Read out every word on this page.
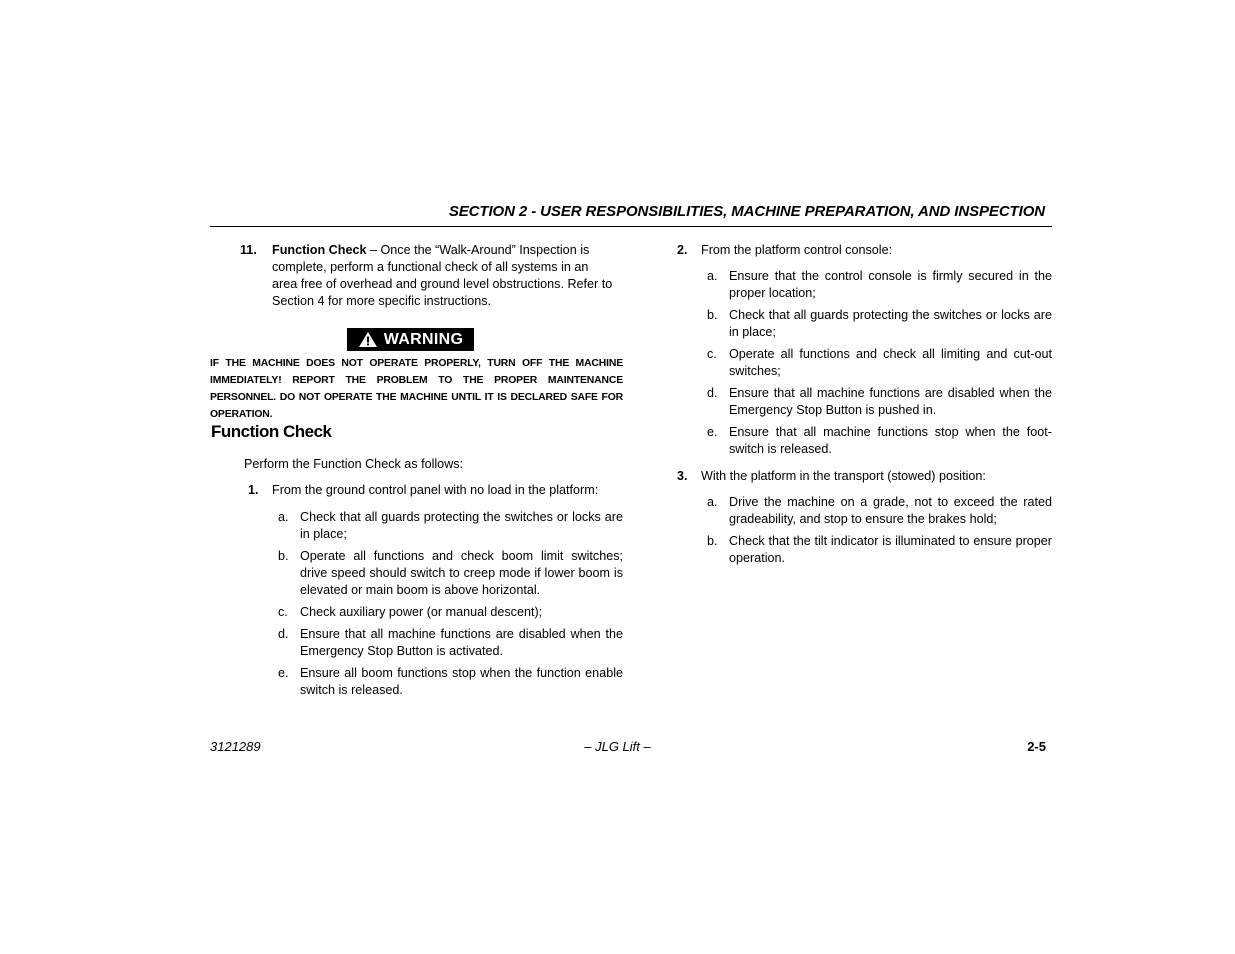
SECTION 2 - USER RESPONSIBILITIES, MACHINE PREPARATION, AND INSPECTION
11. Function Check – Once the “Walk-Around” Inspection is
complete, perform a functional check of all systems in an
area free of overhead and ground level obstructions. Refer to
Section 4 for more specific instructions.
WARNING
IF THE MACHINE DOES NOT OPERATE PROPERLY, TURN OFF THE MACHINE IMMEDIATELY! REPORT THE PROBLEM TO THE PROPER MAINTENANCE PERSONNEL. DO NOT OPERATE THE MACHINE UNTIL IT IS DECLARED SAFE FOR OPERATION.
Function Check
Perform the Function Check as follows:
1. From the ground control panel with no load in the platform:
a. Check that all guards protecting the switches or locks are in place;
b. Operate all functions and check boom limit switches; drive speed should switch to creep mode if lower boom is elevated or main boom is above horizontal.
c. Check auxiliary power (or manual descent);
d. Ensure that all machine functions are disabled when the Emergency Stop Button is activated.
e. Ensure all boom functions stop when the function enable switch is released.
2. From the platform control console:
a. Ensure that the control console is firmly secured in the proper location;
b. Check that all guards protecting the switches or locks are in place;
c. Operate all functions and check all limiting and cut-out switches;
d. Ensure that all machine functions are disabled when the Emergency Stop Button is pushed in.
e. Ensure that all machine functions stop when the foot-switch is released.
3. With the platform in the transport (stowed) position:
a. Drive the machine on a grade, not to exceed the rated gradeability, and stop to ensure the brakes hold;
b. Check that the tilt indicator is illuminated to ensure proper operation.
3121289	– JLG Lift –	2-5
